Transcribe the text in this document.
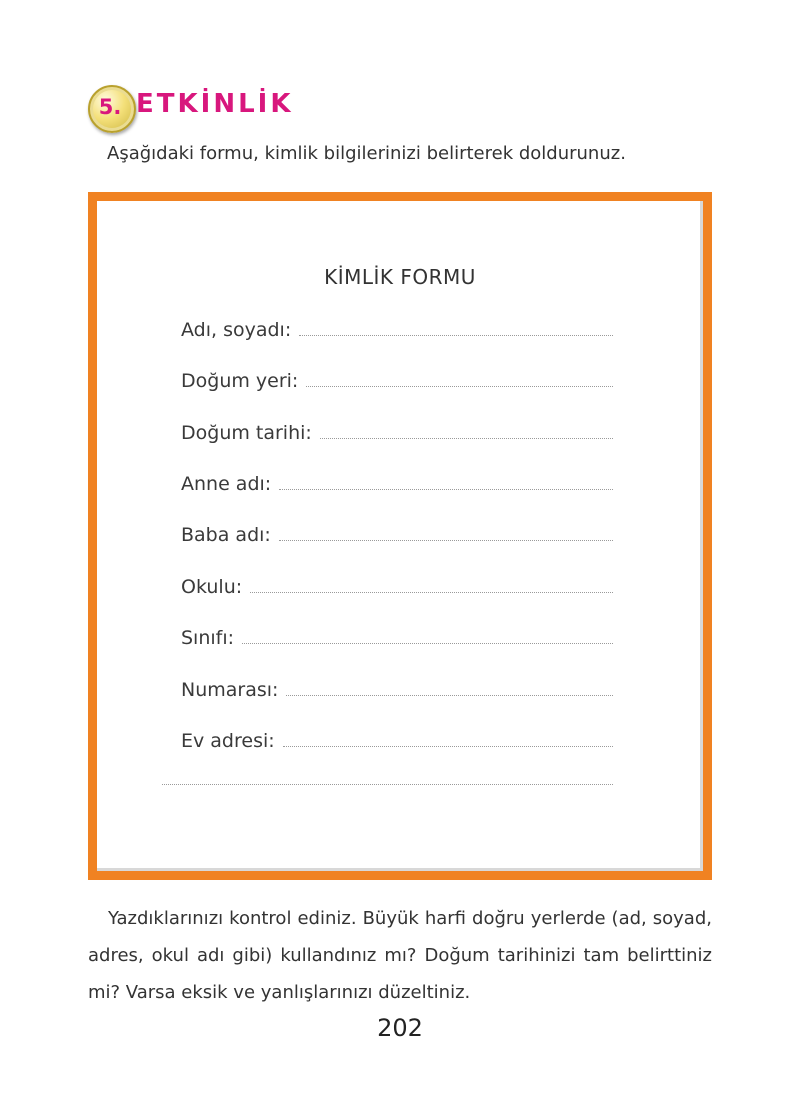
5. ETKİNLİK
Aşağıdaki formu, kimlik bilgilerinizi belirterek doldurunuz.
KİMLİK FORMU
Adı, soyadı:
Doğum yeri:
Doğum tarihi:
Anne adı:
Baba adı:
Okulu:
Sınıfı:
Numarası:
Ev adresi:
Yazdıklarınızı kontrol ediniz. Büyük harfi doğru yerlerde (ad, soyad, adres, okul adı gibi) kullandınız mı? Doğum tarihinizi tam belirttiniz mi? Varsa eksik ve yanlışlarınızı düzeltiniz.
202
